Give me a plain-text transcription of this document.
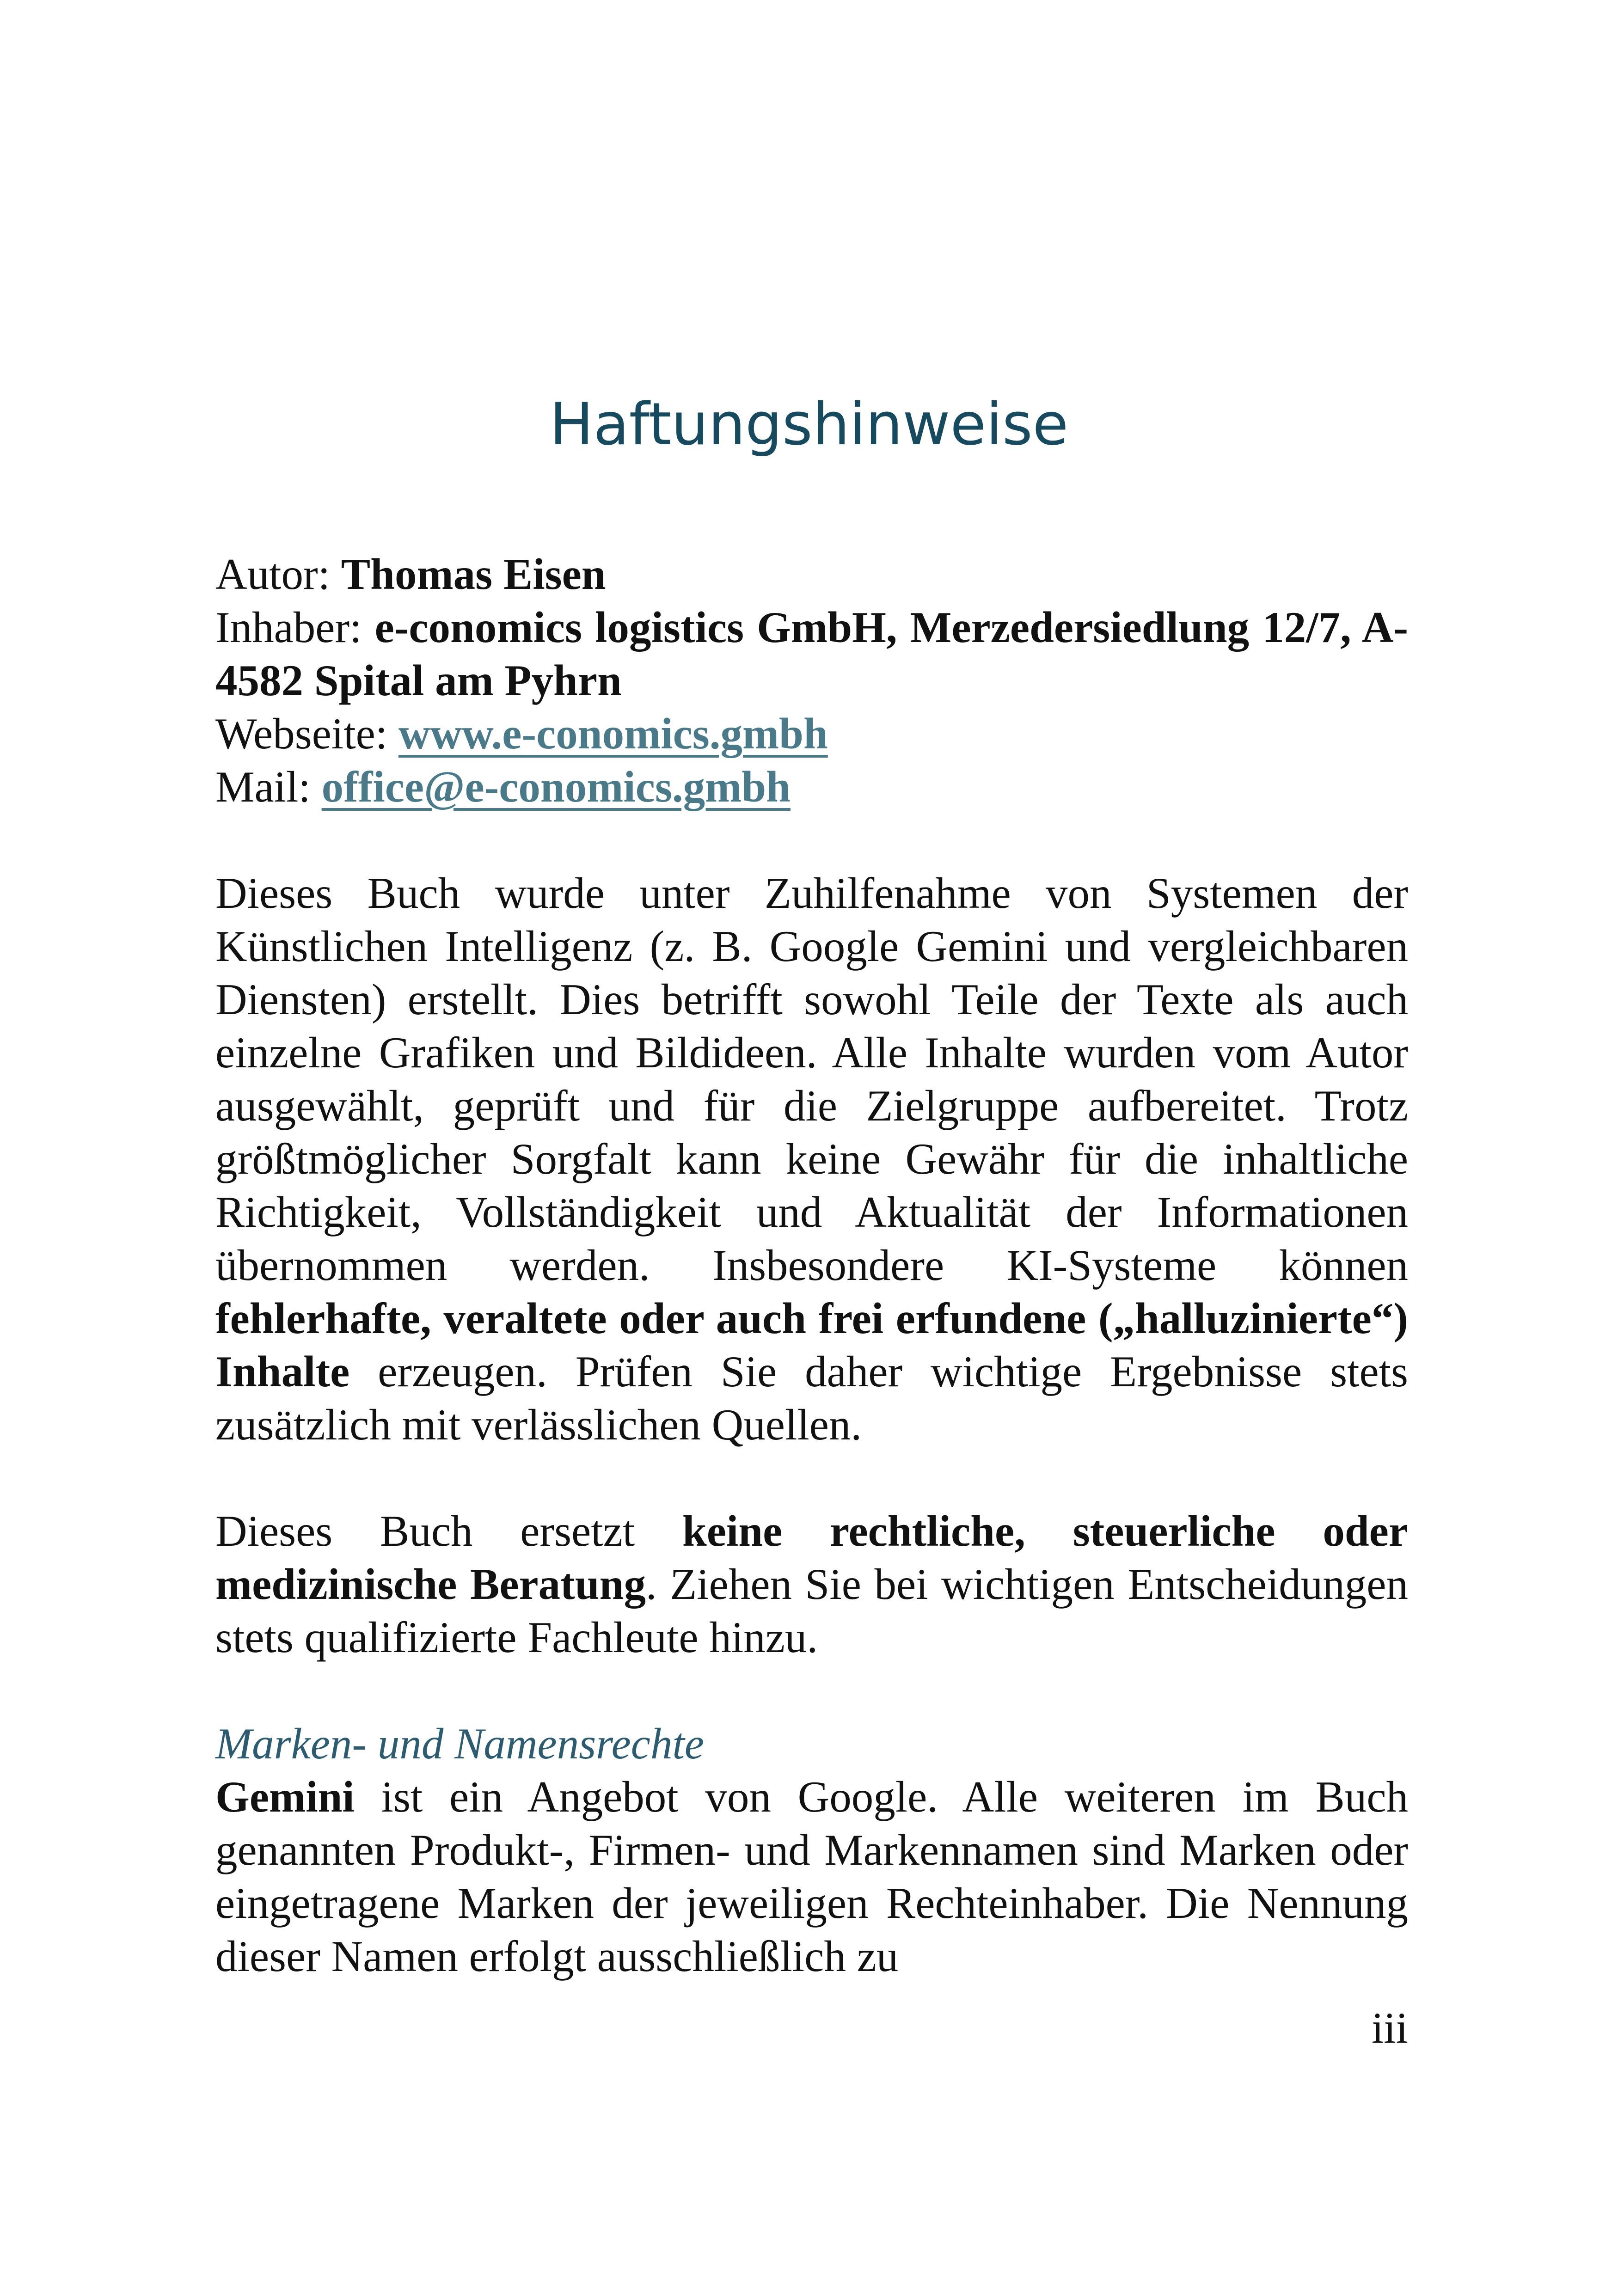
Haftungshinweise

Autor: Thomas Eisen

Inhaber: e-conomics logistics GmbH, Merzedersiedlung 12/7, A-4582 Spital am Pyhrn

Webseite: www.e-conomics.gmbh

Mail: office@e-conomics.gmbh

Dieses Buch wurde unter Zuhilfenahme von Systemen der Künstlichen Intelligenz (z. B. Google Gemini und vergleichbaren Diensten) erstellt. Dies betrifft sowohl Teile der Texte als auch einzelne Grafiken und Bildideen. Alle Inhalte wurden vom Autor ausgewählt, geprüft und für die Zielgruppe aufbereitet. Trotz größtmöglicher Sorgfalt kann keine Gewähr für die inhaltliche Richtigkeit, Vollständigkeit und Aktualität der Informationen übernommen werden. Insbesondere KI-Systeme können fehlerhafte, veraltete oder auch frei erfundene („halluzinierte“) Inhalte erzeugen. Prüfen Sie daher wichtige Ergebnisse stets zusätzlich mit verlässlichen Quellen.

Dieses Buch ersetzt keine rechtliche, steuerliche oder medizinische Beratung. Ziehen Sie bei wichtigen Entscheidungen stets qualifizierte Fachleute hinzu.

Marken- und Namensrechte

Gemini ist ein Angebot von Google. Alle weiteren im Buch genannten Produkt-, Firmen- und Markennamen sind Marken oder eingetragene Marken der jeweiligen Rechteinhaber. Die Nennung dieser Namen erfolgt ausschließlich zu

iii
